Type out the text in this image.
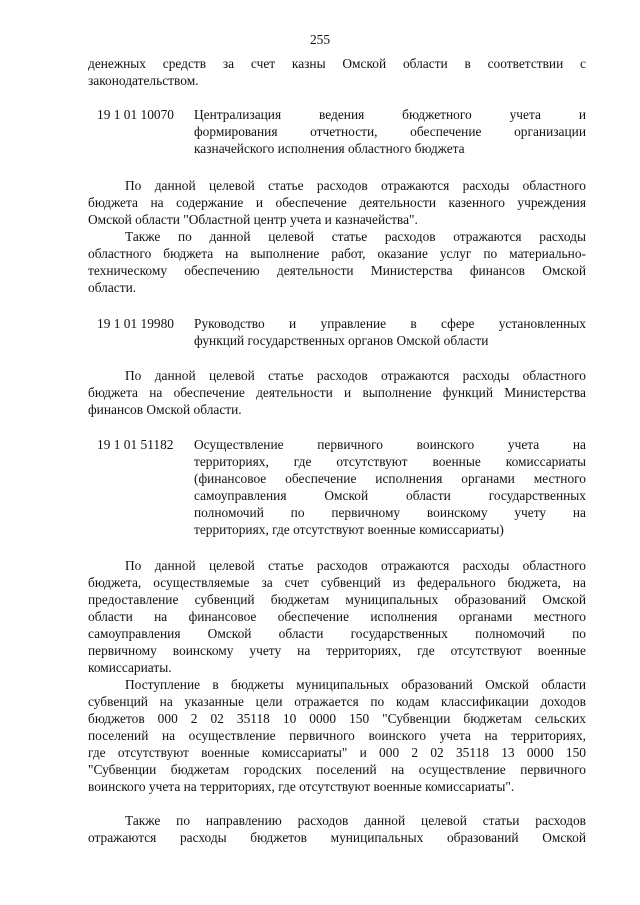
255
денежных средств за счет казны Омской области в соответствии с
законодательством.
19 1 01 10070 Централизация ведения бюджетного учета и
формирования отчетности, обеспечение организации
казначейского исполнения областного бюджета
По данной целевой статье расходов отражаются расходы областного
бюджета на содержание и обеспечение деятельности казенного учреждения
Омской области "Областной центр учета и казначейства".
Также по данной целевой статье расходов отражаются расходы
областного бюджета на выполнение работ, оказание услуг по материально-
техническому обеспечению деятельности Министерства финансов Омской
области.
19 1 01 19980 Руководство и управление в сфере установленных
функций государственных органов Омской области
По данной целевой статье расходов отражаются расходы областного
бюджета на обеспечение деятельности и выполнение функций Министерства
финансов Омской области.
19 1 01 51182 Осуществление первичного воинского учета на
территориях, где отсутствуют военные комиссариаты
(финансовое обеспечение исполнения органами местного
самоуправления Омской области государственных
полномочий по первичному воинскому учету на
территориях, где отсутствуют военные комиссариаты)
По данной целевой статье расходов отражаются расходы областного
бюджета, осуществляемые за счет субвенций из федерального бюджета, на
предоставление субвенций бюджетам муниципальных образований Омской
области на финансовое обеспечение исполнения органами местного
самоуправления Омской области государственных полномочий по
первичному воинскому учету на территориях, где отсутствуют военные
комиссариаты.
Поступление в бюджеты муниципальных образований Омской области
субвенций на указанные цели отражается по кодам классификации доходов
бюджетов 000 2 02 35118 10 0000 150 "Субвенции бюджетам сельских
поселений на осуществление первичного воинского учета на территориях,
где отсутствуют военные комиссариаты" и 000 2 02 35118 13 0000 150
"Субвенции бюджетам городских поселений на осуществление первичного
воинского учета на территориях, где отсутствуют военные комиссариаты".
Также по направлению расходов данной целевой статьи расходов
отражаются расходы бюджетов муниципальных образований Омской
